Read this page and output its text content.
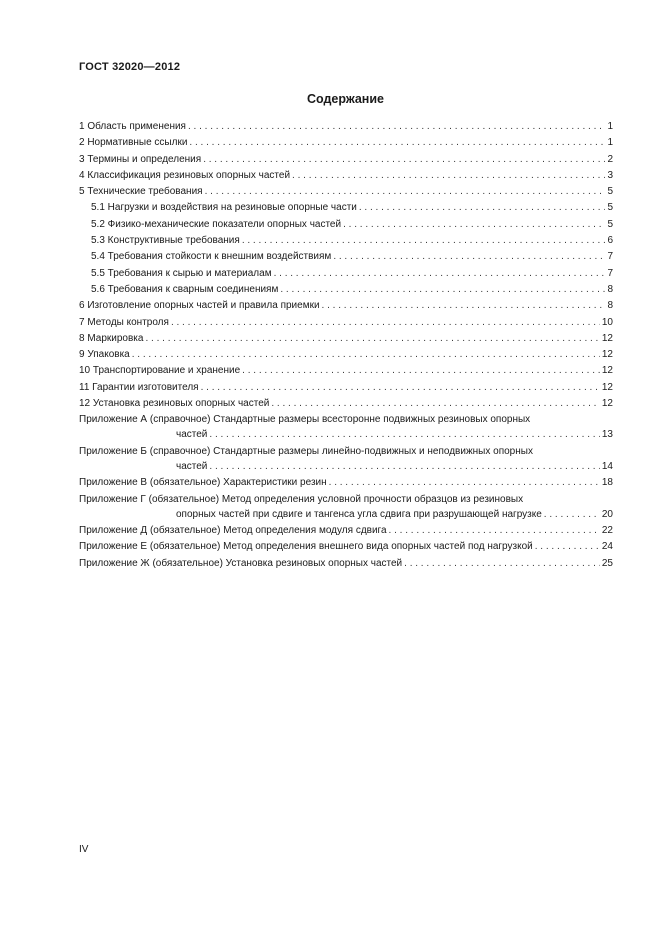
ГОСТ 32020—2012
Содержание
1 Область применения . . .	1
2 Нормативные ссылки . . .	1
3 Термины и определения . . .	2
4 Классификация резиновых опорных частей . . .	3
5 Технические требования . . .	5
5.1 Нагрузки и воздействия на резиновые опорные части . . .	5
5.2 Физико-механические показатели опорных частей . . .	5
5.3 Конструктивные требования . . .	6
5.4 Требования стойкости к внешним воздействиям . . .	7
5.5 Требования к сырью и материалам . . .	7
5.6 Требования к сварным соединениям . . .	8
6 Изготовление опорных частей и правила приемки . . .	8
7 Методы контроля . . .	10
8 Маркировка . . .	12
9 Упаковка . . .	12
10 Транспортирование и хранение . . .	12
11 Гарантии изготовителя . . .	12
12 Установка резиновых опорных частей . . .	12
Приложение А (справочное) Стандартные размеры всесторонне подвижных резиновых опорных
частей . . .	13
Приложение Б (справочное) Стандартные размеры линейно-подвижных и неподвижных опорных
частей . . .	14
Приложение В (обязательное) Характеристики резин . . .	18
Приложение Г (обязательное) Метод определения условной прочности образцов из резиновых
опорных частей при сдвиге и тангенса угла сдвига при разрушающей нагрузке . . .	20
Приложение Д (обязательное) Метод определения модуля сдвига . . .	22
Приложение Е (обязательное) Метод определения внешнего вида опорных частей под нагрузкой . . .	24
Приложение Ж (обязательное) Установка резиновых опорных частей . . .	25
IV
